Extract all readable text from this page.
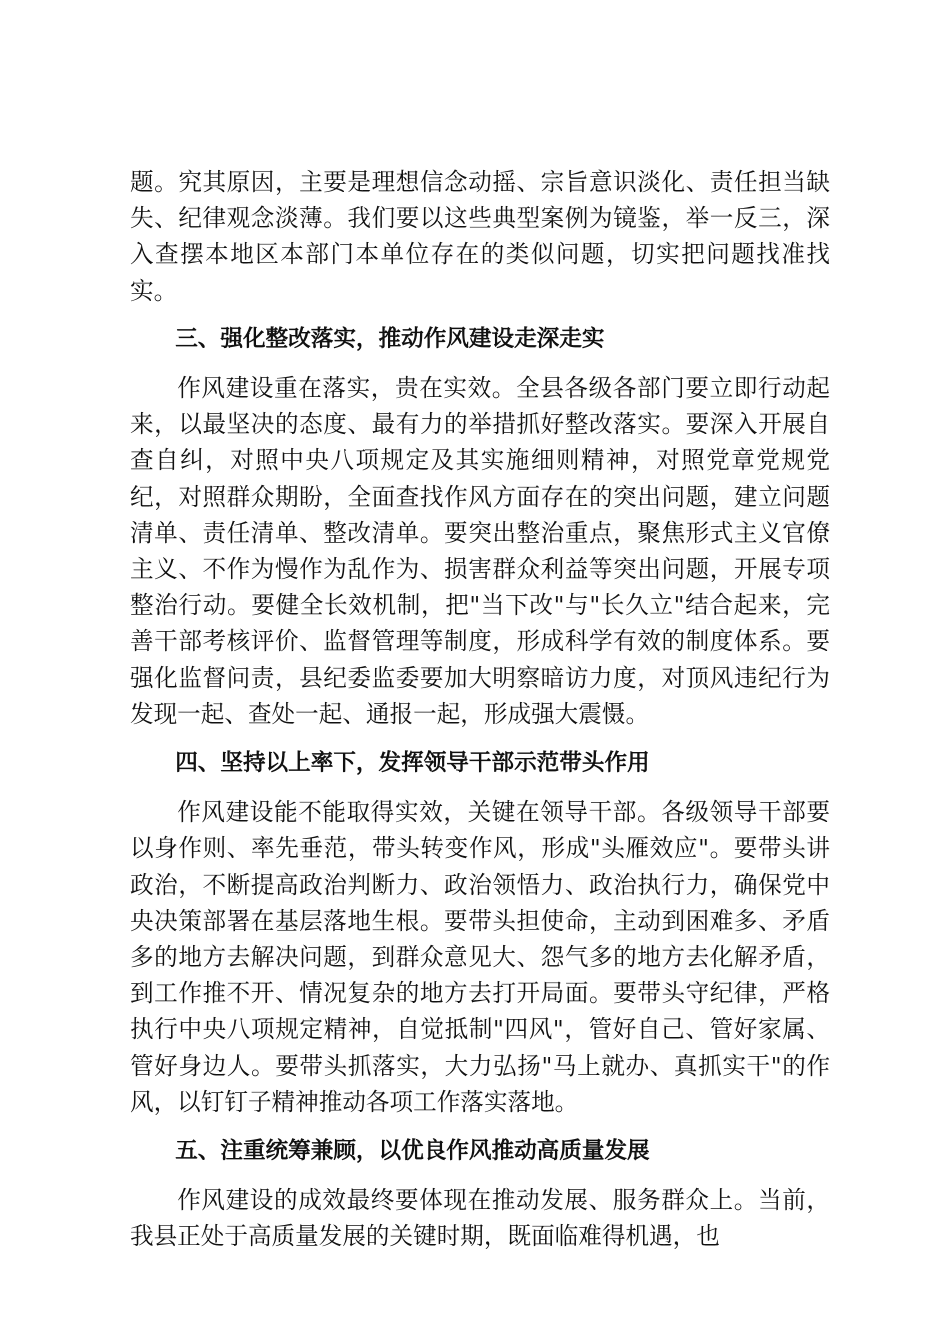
题。究其原因，主要是理想信念动摇、宗旨意识淡化、责任担当缺失、纪律观念淡薄。我们要以这些典型案例为镜鉴，举一反三，深入查摆本地区本部门本单位存在的类似问题，切实把问题找准找实。

三、强化整改落实，推动作风建设走深走实

作风建设重在落实，贵在实效。全县各级各部门要立即行动起来，以最坚决的态度、最有力的举措抓好整改落实。要深入开展自查自纠，对照中央八项规定及其实施细则精神，对照党章党规党纪，对照群众期盼，全面查找作风方面存在的突出问题，建立问题清单、责任清单、整改清单。要突出整治重点，聚焦形式主义官僚主义、不作为慢作为乱作为、损害群众利益等突出问题，开展专项整治行动。要健全长效机制，把"当下改"与"长久立"结合起来，完善干部考核评价、监督管理等制度，形成科学有效的制度体系。要强化监督问责，县纪委监委要加大明察暗访力度，对顶风违纪行为发现一起、查处一起、通报一起，形成强大震慑。

四、坚持以上率下，发挥领导干部示范带头作用

作风建设能不能取得实效，关键在领导干部。各级领导干部要以身作则、率先垂范，带头转变作风，形成"头雁效应"。要带头讲政治，不断提高政治判断力、政治领悟力、政治执行力，确保党中央决策部署在基层落地生根。要带头担使命，主动到困难多、矛盾多的地方去解决问题，到群众意见大、怨气多的地方去化解矛盾，到工作推不开、情况复杂的地方去打开局面。要带头守纪律，严格执行中央八项规定精神，自觉抵制"四风"，管好自己、管好家属、管好身边人。要带头抓落实，大力弘扬"马上就办、真抓实干"的作风，以钉钉子精神推动各项工作落实落地。

五、注重统筹兼顾，以优良作风推动高质量发展

作风建设的成效最终要体现在推动发展、服务群众上。当前，我县正处于高质量发展的关键时期，既面临难得机遇，也
